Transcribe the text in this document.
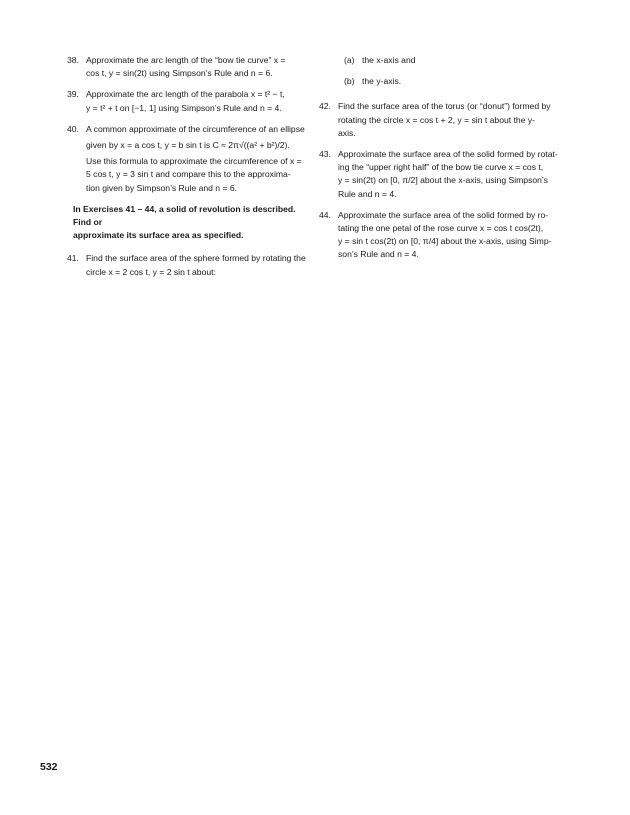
38. Approximate the arc length of the “bow tie curve” x =
cos t, y = sin(2t) using Simpson’s Rule and n = 6.
39. Approximate the arc length of the parabola x = t² − t,
y = t² + t on [−1, 1] using Simpson’s Rule and n = 4.
40. A common approximate of the circumference of an ellipse
given by x = a cos t, y = b sin t is C ≈ 2π√((a² + b²)/2).
Use this formula to approximate the circumference of x =
5 cos t, y = 3 sin t and compare this to the approxima-
tion given by Simpson’s Rule and n = 6.
In Exercises 41 – 44, a solid of revolution is described. Find or
approximate its surface area as specified.
41. Find the surface area of the sphere formed by rotating the
circle x = 2 cos t, y = 2 sin t about:
(a) the x-axis and
(b) the y-axis.
42. Find the surface area of the torus (or “donut”) formed by
rotating the circle x = cos t + 2, y = sin t about the y-
axis.
43. Approximate the surface area of the solid formed by rotat-
ing the “upper right half” of the bow tie curve x = cos t,
y = sin(2t) on [0, π/2] about the x-axis, using Simpson’s
Rule and n = 4.
44. Approximate the surface area of the solid formed by ro-
tating the one petal of the rose curve x = cos t cos(2t),
y = sin t cos(2t) on [0, π/4] about the x-axis, using Simp-
son’s Rule and n = 4.
532
